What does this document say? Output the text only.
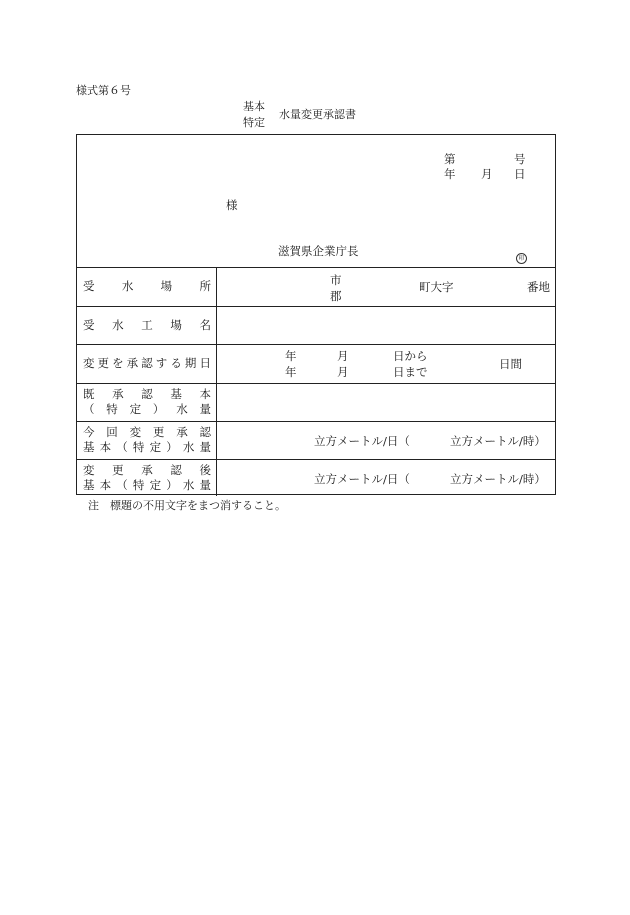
様式第６号
基本
特定
水量変更承認書
第	号
年 月 日
様
滋賀県企業庁長
印
受水場所	市
郡
町大字	番地
受水工場名
変更を承認する期日	年	月	日から
年	月	日まで
日間
既承認基本
（特定）水量
今回変更承認
基本（特定）水量	立方メートル/日（	立方メートル/時）
変更承認後
基本（特定）水量	立方メートル/日（	立方メートル/時）
注　標題の不用文字をまつ消すること。
